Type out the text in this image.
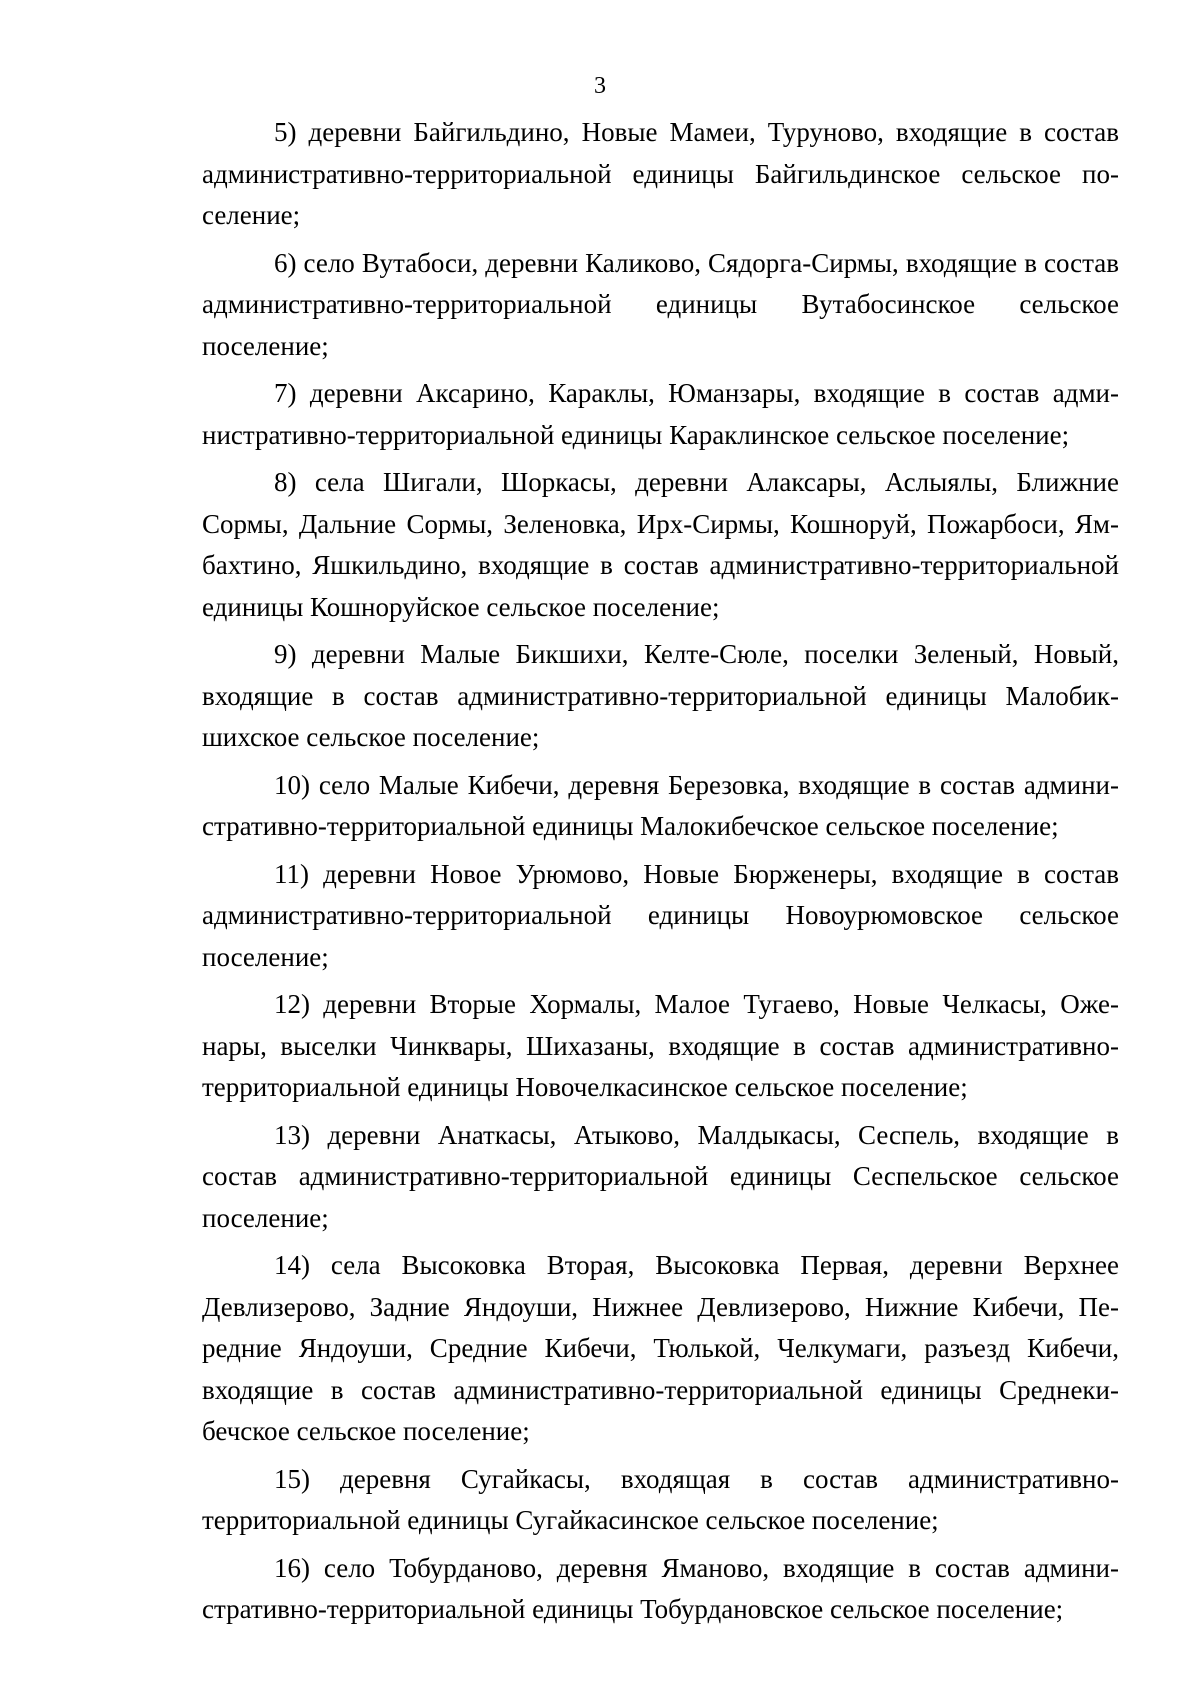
3

5) деревни Байгильдино, Новые Мамеи, Туруново, входящие в состав административно-территориальной единицы Байгильдинское сельское поселение;

6) село Вутабоси, деревни Каликово, Сядорга-Сирмы, входящие в состав административно-территориальной единицы Вутабосинское сельское поселение;

7) деревни Аксарино, Караклы, Юманзары, входящие в состав административно-территориальной единицы Караклинское сельское поселение;

8) села Шигали, Шоркасы, деревни Алаксары, Аслыялы, Ближние Сормы, Дальние Сормы, Зеленовка, Ирх-Сирмы, Кошноруй, Пожарбоси, Ямбахтино, Яшкильдино, входящие в состав административно-территориальной единицы Кошноруйское сельское поселение;

9) деревни Малые Бикшихи, Келте-Сюле, поселки Зеленый, Новый, входящие в состав административно-территориальной единицы Малобикшихское сельское поселение;

10) село Малые Кибечи, деревня Березовка, входящие в состав административно-территориальной единицы Малокибечское сельское поселение;

11) деревни Новое Урюмово, Новые Бюрженеры, входящие в состав административно-территориальной единицы Новоурюмовское сельское поселение;

12) деревни Вторые Хормалы, Малое Тугаево, Новые Челкасы, Оженары, выселки Чинквары, Шихазаны, входящие в состав административно-территориальной единицы Новочелкасинское сельское поселение;

13) деревни Анаткасы, Атыково, Малдыкасы, Сеспель, входящие в состав административно-территориальной единицы Сеспельское сельское поселение;

14) села Высоковка Вторая, Высоковка Первая, деревни Верхнее Девлизерово, Задние Яндоуши, Нижнее Девлизерово, Нижние Кибечи, Передние Яндоуши, Средние Кибечи, Тюлькой, Челкумаги, разъезд Кибечи, входящие в состав административно-территориальной единицы Среднекибечское сельское поселение;

15) деревня Сугайкасы, входящая в состав административно-территориальной единицы Сугайкасинское сельское поселение;

16) село Тобурданово, деревня Яманово, входящие в состав административно-территориальной единицы Тобурдановское сельское поселение;
